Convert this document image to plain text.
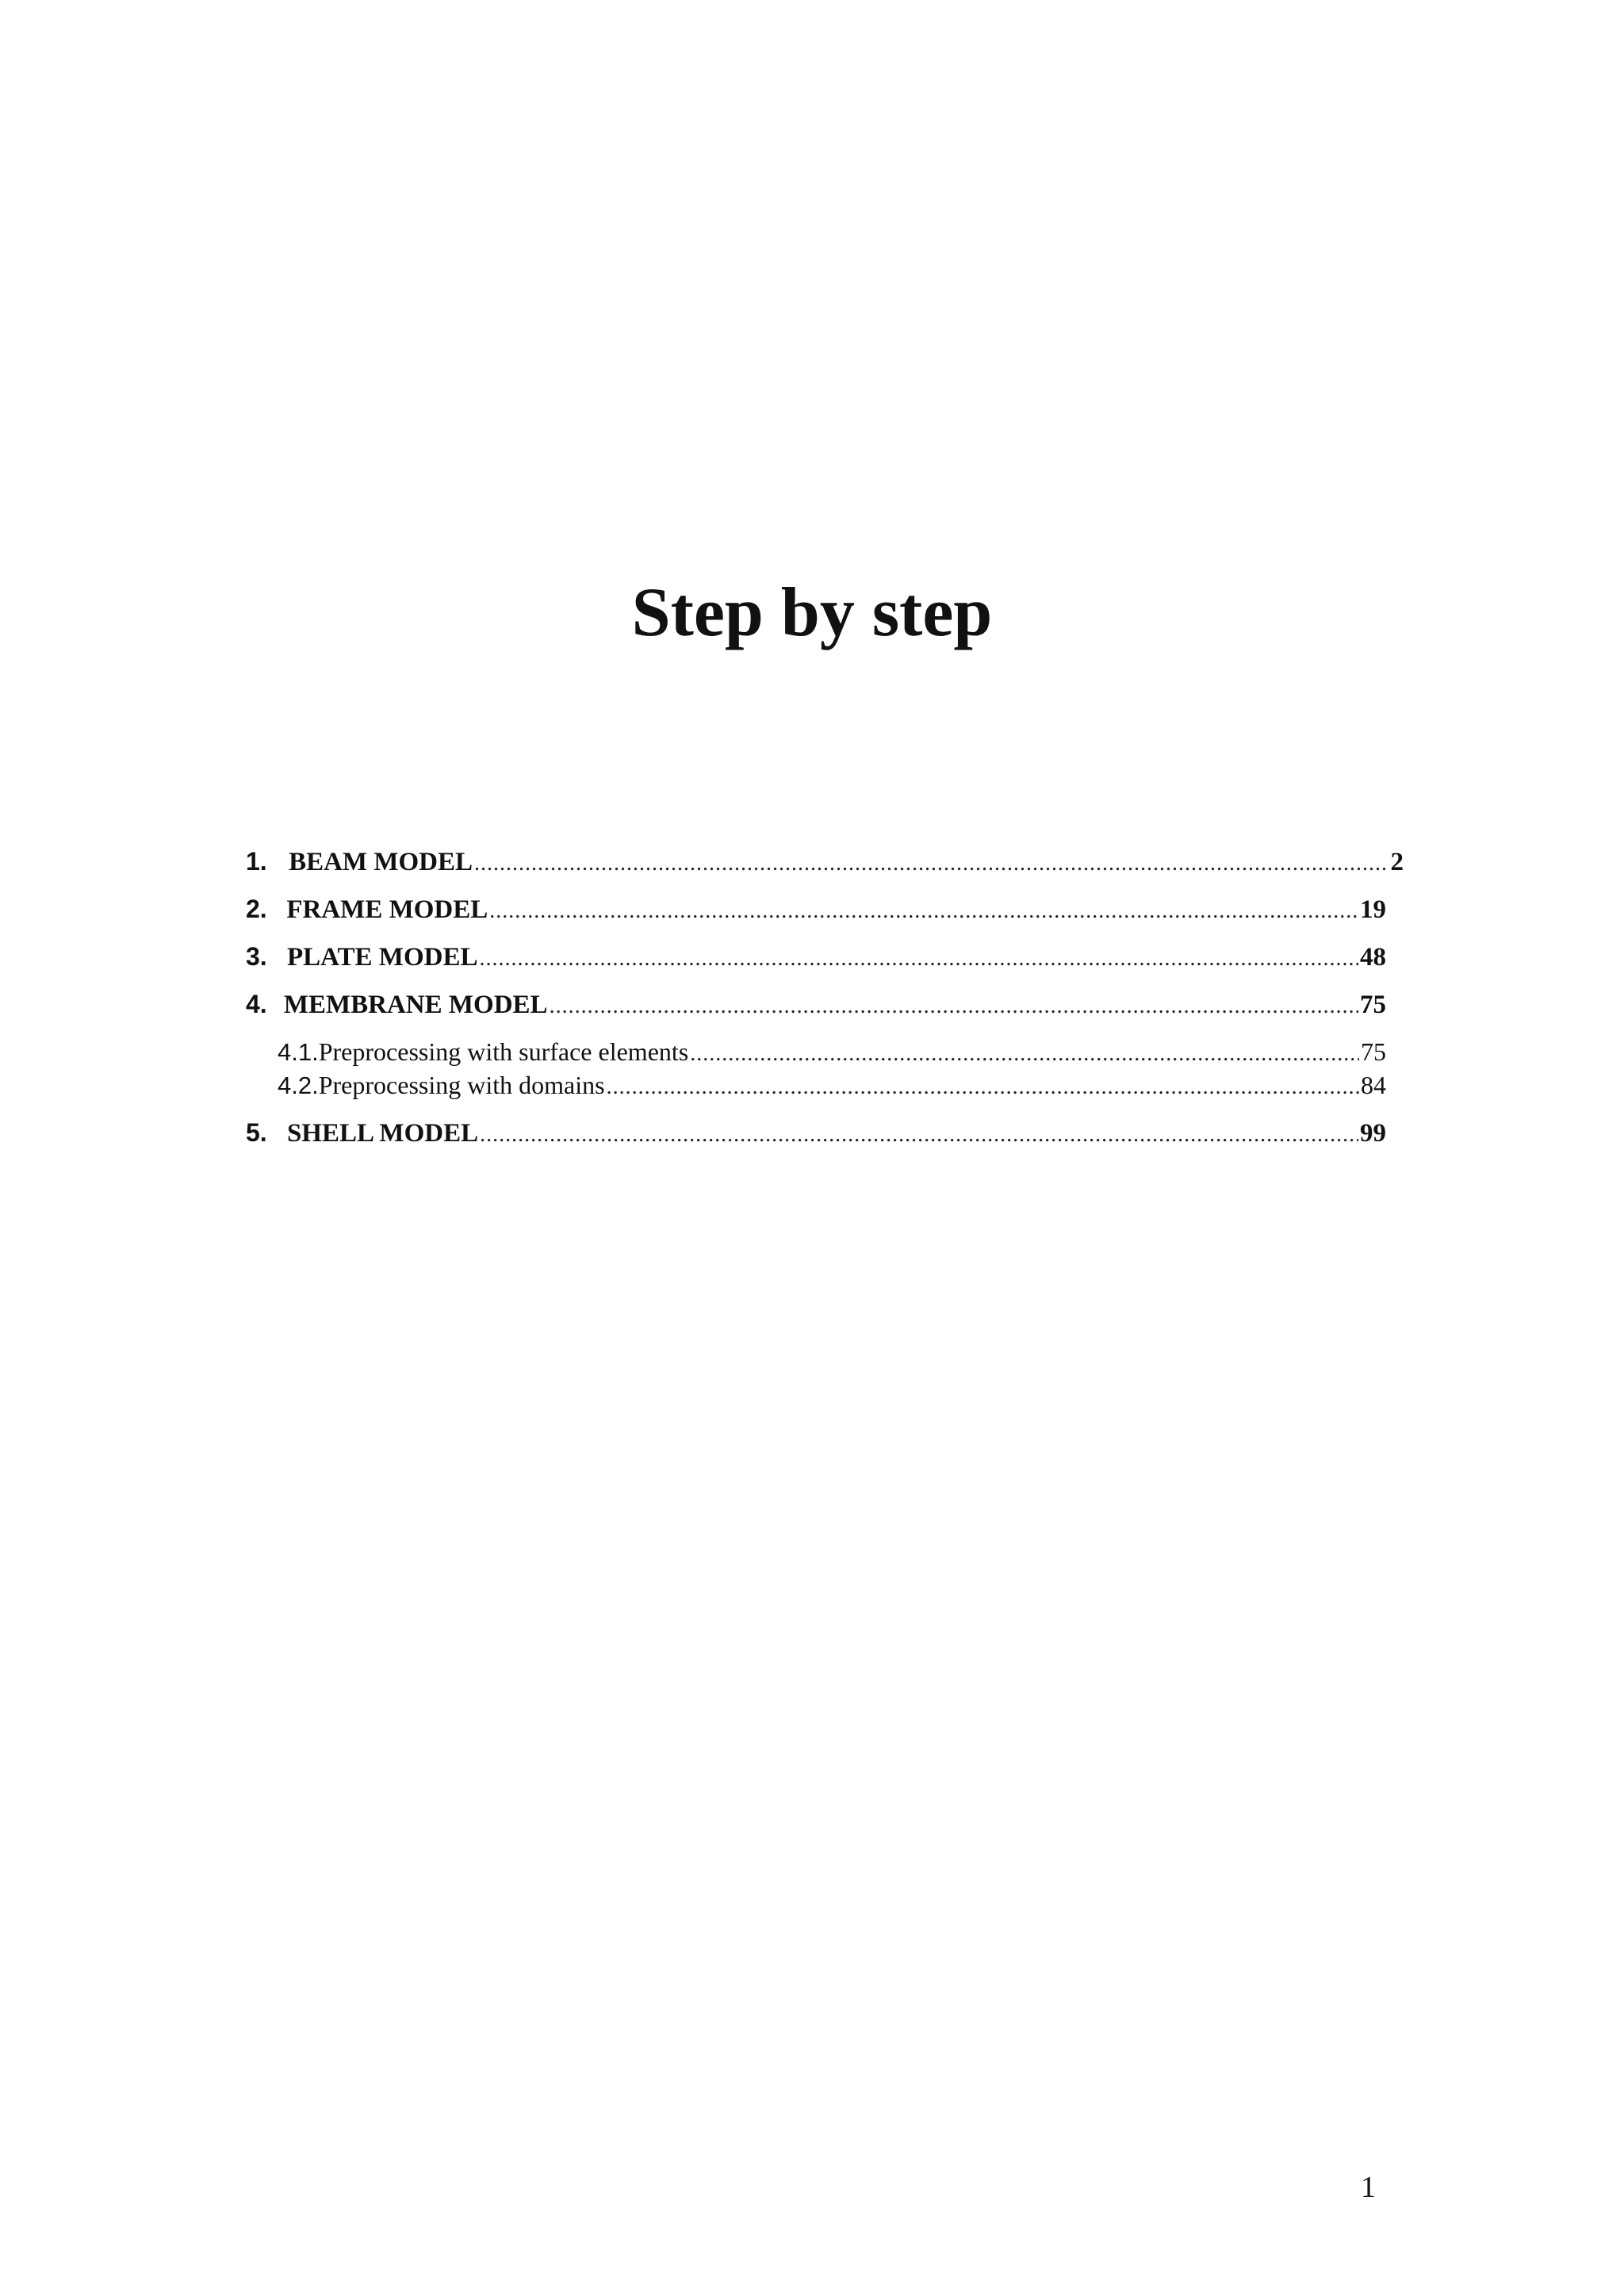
Step by step
1. BEAM MODEL .....	2
2. FRAME MODEL .....	19
3. PLATE MODEL .....	48
4. MEMBRANE MODEL .....	75
4.1. Preprocessing with surface elements .....	75
4.2. Preprocessing with domains .....	84
5. SHELL MODEL .....	99
1
